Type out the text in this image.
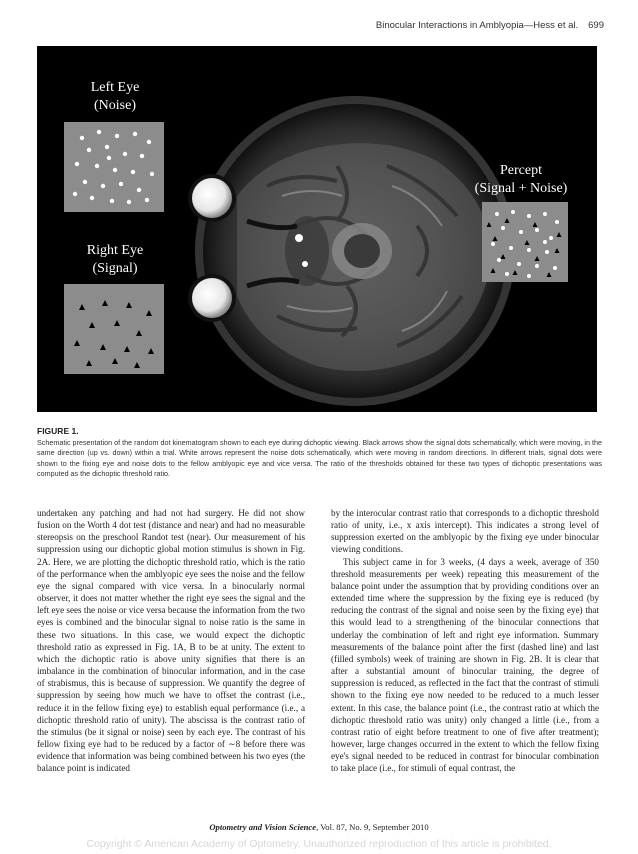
Binocular Interactions in Amblyopia—Hess et al. 699
Left Eye
(Noise)
Right Eye
(Signal)
Percept
(Signal + Noise)
FIGURE 1.
Schematic presentation of the random dot kinematogram shown to each eye during dichoptic viewing. Black arrows show the signal dots schematically, which were moving, in the same direction (up vs. down) within a trial. White arrows represent the noise dots schematically, which were moving in random directions. In different trials, signal dots were shown to the fixing eye and noise dots to the fellow amblyopic eye and vice versa. The ratio of the thresholds obtained for these two types of dichoptic presentations was computed as the dichoptic threshold ratio.

undertaken any patching and had not had surgery. He did not show fusion on the Worth 4 dot test (distance and near) and had no measurable stereopsis on the preschool Randot test (near). Our measurement of his suppression using our dichoptic global motion stimulus is shown in Fig. 2A. Here, we are plotting the dichoptic threshold ratio, which is the ratio of the performance when the amblyopic eye sees the noise and the fellow eye the signal compared with vice versa. In a binocularly normal observer, it does not matter whether the right eye sees the signal and the left eye sees the noise or vice versa because the information from the two eyes is combined and the binocular signal to noise ratio is the same in these two situations. In this case, we would expect the dichoptic threshold ratio as expressed in Fig. 1A, B to be at unity. The extent to which the dichoptic ratio is above unity signifies that there is an imbalance in the combination of binocular information, and in the case of strabismus, this is because of suppression. We quantify the degree of suppression by seeing how much we have to offset the contrast (i.e., reduce it in the fellow fixing eye) to establish equal performance (i.e., a dichoptic threshold ratio of unity). The abscissa is the contrast ratio of the stimulus (be it signal or noise) seen by each eye. The contrast of his fellow fixing eye had to be reduced by a factor of ∼8 before there was evidence that information was being combined between his two eyes (the balance point is indicated

by the interocular contrast ratio that corresponds to a dichoptic threshold ratio of unity, i.e., x axis intercept). This indicates a strong level of suppression exerted on the amblyopic by the fixing eye under binocular viewing conditions.

This subject came in for 3 weeks, (4 days a week, average of 350 threshold measurements per week) repeating this measurement of the balance point under the assumption that by providing conditions over an extended time where the suppression by the fixing eye is reduced (by reducing the contrast of the signal and noise seen by the fixing eye) that this would lead to a strengthening of the binocular connections that underlay the combination of left and right eye information. Summary measurements of the balance point after the first (dashed line) and last (filled symbols) week of training are shown in Fig. 2B. It is clear that after a substantial amount of binocular training, the degree of suppression is reduced, as reflected in the fact that the contrast of stimuli shown to the fixing eye now needed to be reduced to a much lesser extent. In this case, the balance point (i.e., the contrast ratio at which the dichoptic threshold ratio was unity) only changed a little (i.e., from a contrast ratio of eight before treatment to one of five after treatment); however, large changes occurred in the extent to which the fellow fixing eye's signal needed to be reduced in contrast for binocular combination to take place (i.e., for stimuli of equal contrast, the

Optometry and Vision Science, Vol. 87, No. 9, September 2010
Copyright © American Academy of Optometry. Unauthorized reproduction of this article is prohibited.
